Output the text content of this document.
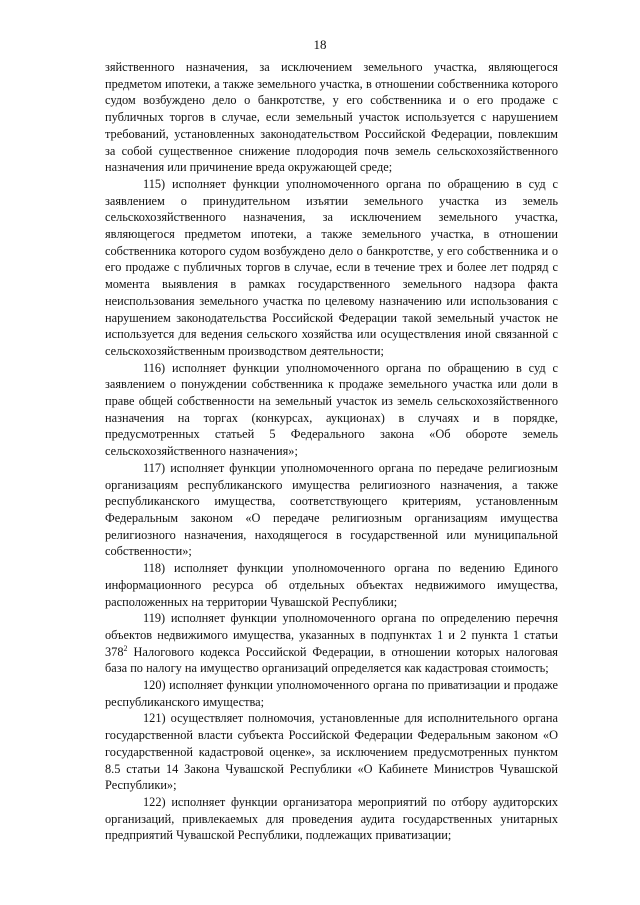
18

зяйственного назначения, за исключением земельного участка, являющегося предметом ипотеки, а также земельного участка, в отношении собственника которого судом возбуждено дело о банкротстве, у его собственника и о его продаже с публичных торгов в случае, если земельный участок используется с нарушением требований, установленных законодательством Российской Федерации, повлекшим за собой существенное снижение плодородия почв земель сельскохозяйственного назначения или причинение вреда окружающей среде;

115) исполняет функции уполномоченного органа по обращению в суд с заявлением о принудительном изъятии земельного участка из земель сельскохозяйственного назначения, за исключением земельного участка, являющегося предметом ипотеки, а также земельного участка, в отношении собственника которого судом возбуждено дело о банкротстве, у его собственника и о его продаже с публичных торгов в случае, если в течение трех и более лет подряд с момента выявления в рамках государственного земельного надзора факта неиспользования земельного участка по целевому назначению или использования с нарушением законодательства Российской Федерации такой земельный участок не используется для ведения сельского хозяйства или осуществления иной связанной с сельскохозяйственным производством деятельности;

116) исполняет функции уполномоченного органа по обращению в суд с заявлением о понуждении собственника к продаже земельного участка или доли в праве общей собственности на земельный участок из земель сельскохозяйственного назначения на торгах (конкурсах, аукционах) в случаях и в порядке, предусмотренных статьей 5 Федерального закона «Об обороте земель сельскохозяйственного назначения»;

117) исполняет функции уполномоченного органа по передаче религиозным организациям республиканского имущества религиозного назначения, а также республиканского имущества, соответствующего критериям, установленным Федеральным законом «О передаче религиозным организациям имущества религиозного назначения, находящегося в государственной или муниципальной собственности»;

118) исполняет функции уполномоченного органа по ведению Единого информационного ресурса об отдельных объектах недвижимого имущества, расположенных на территории Чувашской Республики;

119) исполняет функции уполномоченного органа по определению перечня объектов недвижимого имущества, указанных в подпунктах 1 и 2 пункта 1 статьи $378^2$ Налогового кодекса Российской Федерации, в отношении которых налоговая база по налогу на имущество организаций определяется как кадастровая стоимость;

120) исполняет функции уполномоченного органа по приватизации и продаже республиканского имущества;

121) осуществляет полномочия, установленные для исполнительного органа государственной власти субъекта Российской Федерации Федеральным законом «О государственной кадастровой оценке», за исключением предусмотренных пунктом 8.5 статьи 14 Закона Чувашской Республики «О Кабинете Министров Чувашской Республики»;

122) исполняет функции организатора мероприятий по отбору аудиторских организаций, привлекаемых для проведения аудита государственных унитарных предприятий Чувашской Республики, подлежащих приватизации;
